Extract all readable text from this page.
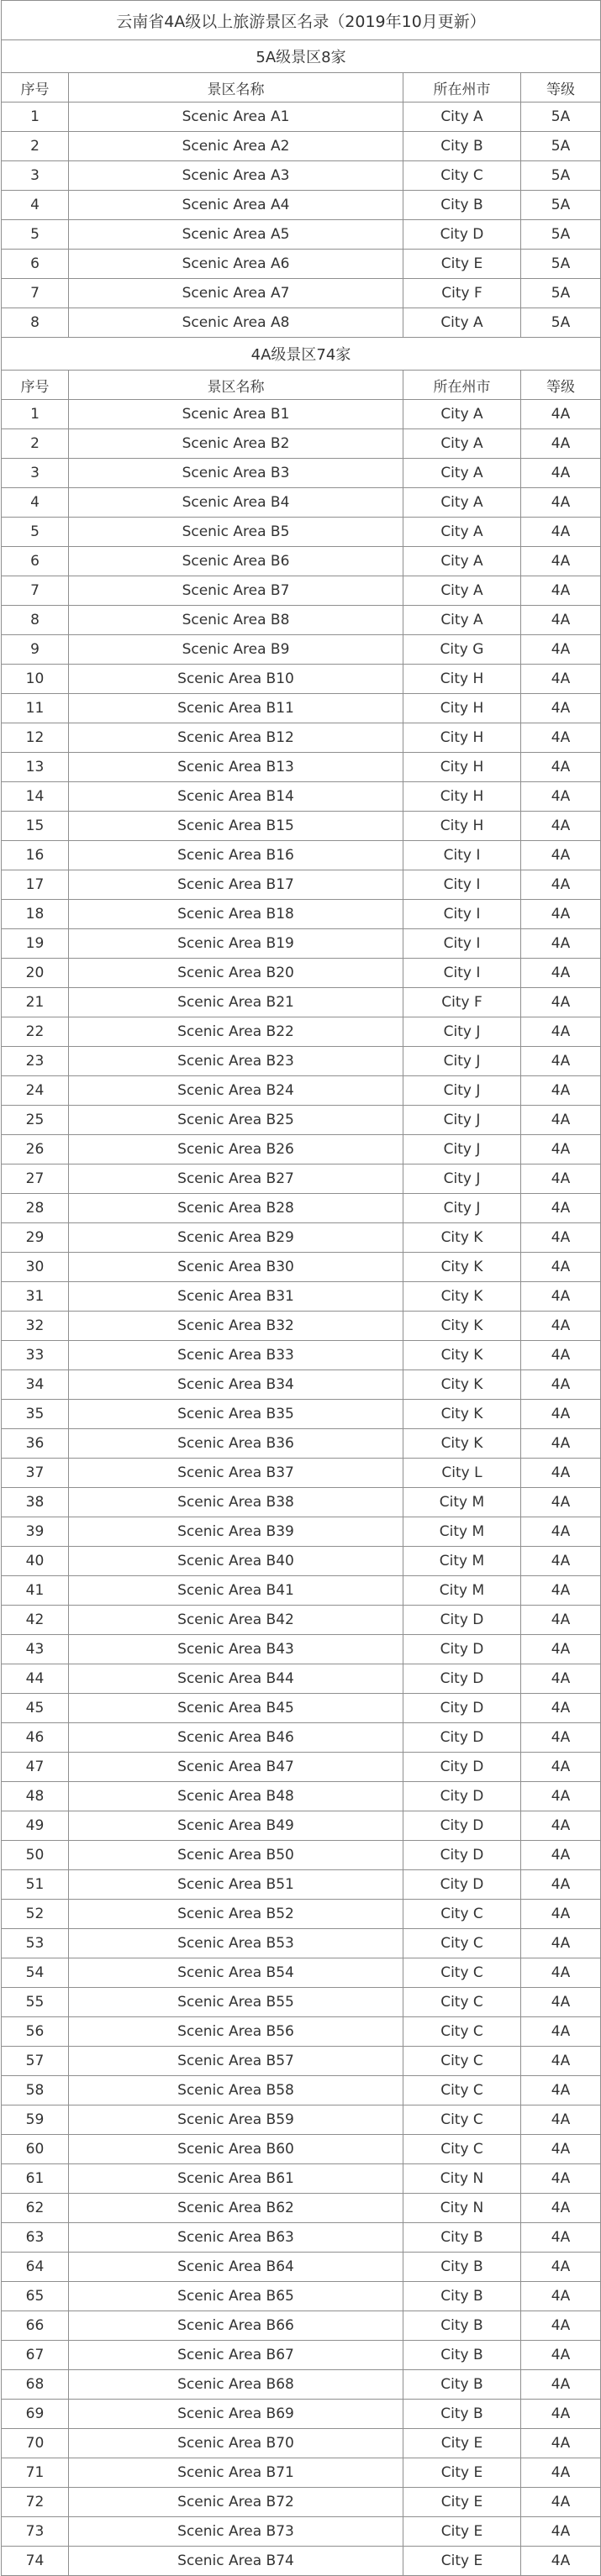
云南省4A级以上旅游景区名录（2019年10月更新）			
5A级景区8家			
序号	景区名称	所在州市	等级
1	Scenic Area A1	City A	5A
2	Scenic Area A2	City B	5A
3	Scenic Area A3	City C	5A
4	Scenic Area A4	City B	5A
5	Scenic Area A5	City D	5A
6	Scenic Area A6	City E	5A
7	Scenic Area A7	City F	5A
8	Scenic Area A8	City A	5A
4A级景区74家			
序号	景区名称	所在州市	等级
1	Scenic Area B1	City A	4A
2	Scenic Area B2	City A	4A
3	Scenic Area B3	City A	4A
4	Scenic Area B4	City A	4A
5	Scenic Area B5	City A	4A
6	Scenic Area B6	City A	4A
7	Scenic Area B7	City A	4A
8	Scenic Area B8	City A	4A
9	Scenic Area B9	City G	4A
10	Scenic Area B10	City H	4A
11	Scenic Area B11	City H	4A
12	Scenic Area B12	City H	4A
13	Scenic Area B13	City H	4A
14	Scenic Area B14	City H	4A
15	Scenic Area B15	City H	4A
16	Scenic Area B16	City I	4A
17	Scenic Area B17	City I	4A
18	Scenic Area B18	City I	4A
19	Scenic Area B19	City I	4A
20	Scenic Area B20	City I	4A
21	Scenic Area B21	City F	4A
22	Scenic Area B22	City J	4A
23	Scenic Area B23	City J	4A
24	Scenic Area B24	City J	4A
25	Scenic Area B25	City J	4A
26	Scenic Area B26	City J	4A
27	Scenic Area B27	City J	4A
28	Scenic Area B28	City J	4A
29	Scenic Area B29	City K	4A
30	Scenic Area B30	City K	4A
31	Scenic Area B31	City K	4A
32	Scenic Area B32	City K	4A
33	Scenic Area B33	City K	4A
34	Scenic Area B34	City K	4A
35	Scenic Area B35	City K	4A
36	Scenic Area B36	City K	4A
37	Scenic Area B37	City L	4A
38	Scenic Area B38	City M	4A
39	Scenic Area B39	City M	4A
40	Scenic Area B40	City M	4A
41	Scenic Area B41	City M	4A
42	Scenic Area B42	City D	4A
43	Scenic Area B43	City D	4A
44	Scenic Area B44	City D	4A
45	Scenic Area B45	City D	4A
46	Scenic Area B46	City D	4A
47	Scenic Area B47	City D	4A
48	Scenic Area B48	City D	4A
49	Scenic Area B49	City D	4A
50	Scenic Area B50	City D	4A
51	Scenic Area B51	City D	4A
52	Scenic Area B52	City C	4A
53	Scenic Area B53	City C	4A
54	Scenic Area B54	City C	4A
55	Scenic Area B55	City C	4A
56	Scenic Area B56	City C	4A
57	Scenic Area B57	City C	4A
58	Scenic Area B58	City C	4A
59	Scenic Area B59	City C	4A
60	Scenic Area B60	City C	4A
61	Scenic Area B61	City N	4A
62	Scenic Area B62	City N	4A
63	Scenic Area B63	City B	4A
64	Scenic Area B64	City B	4A
65	Scenic Area B65	City B	4A
66	Scenic Area B66	City B	4A
67	Scenic Area B67	City B	4A
68	Scenic Area B68	City B	4A
69	Scenic Area B69	City B	4A
70	Scenic Area B70	City E	4A
71	Scenic Area B71	City E	4A
72	Scenic Area B72	City E	4A
73	Scenic Area B73	City E	4A
74	Scenic Area B74	City E	4A
